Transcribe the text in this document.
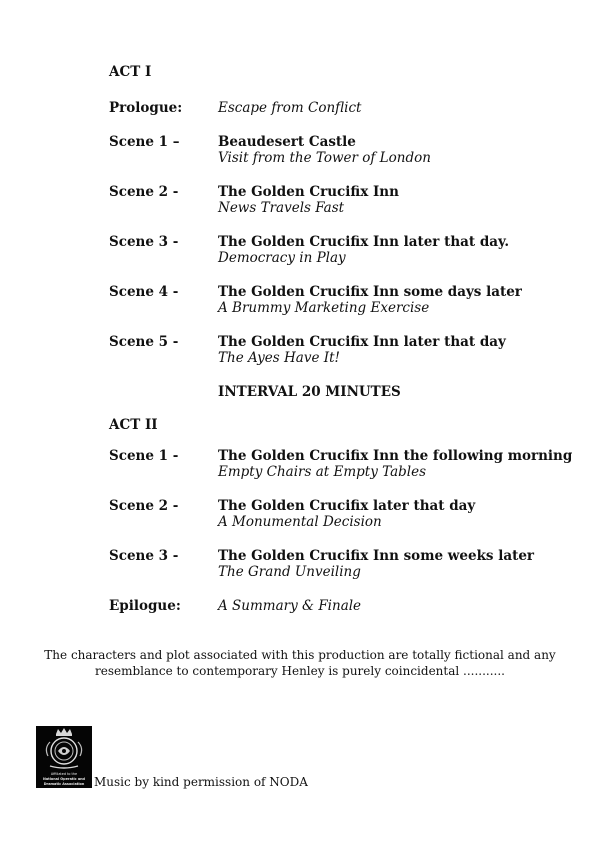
ACT I
Prologue:	Escape from Conflict
Scene 1 –	Beaudesert Castle
Visit from the Tower of London
Scene 2 -	The Golden Crucifix Inn
News Travels Fast
Scene 3 -	The Golden Crucifix Inn later that day.
Democracy in Play
Scene 4 -	The Golden Crucifix Inn some days later
A Brummy Marketing Exercise
Scene 5 -	The Golden Crucifix Inn later that day
The Ayes Have It!
INTERVAL 20 MINUTES
ACT II
Scene 1 -	The Golden Crucifix Inn the following morning
Empty Chairs at Empty Tables
Scene 2 -	The Golden Crucifix later that day
A Monumental Decision
Scene 3 -	The Golden Crucifix Inn some weeks later
The Grand Unveiling
Epilogue:	A Summary & Finale
The characters and plot associated with this production are totally fictional and any
resemblance to contemporary Henley is purely coincidental ...........
Affiliated to the
National Operatic and
Dramatic Association Music by kind permission of NODA
